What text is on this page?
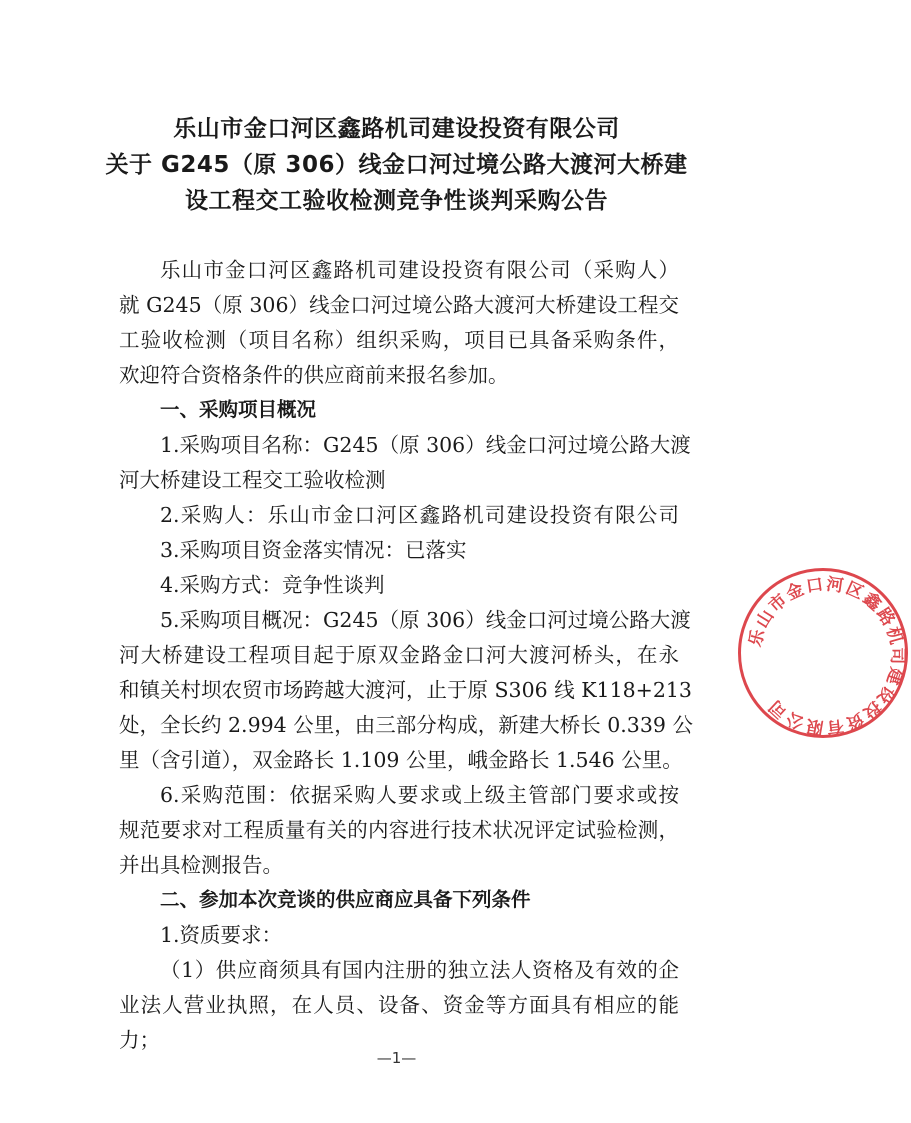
乐山市金口河区鑫路机司建设投资有限公司
关于 G245（原 306）线金口河过境公路大渡河大桥建
设工程交工验收检测竞争性谈判采购公告
乐山市金口河区鑫路机司建设投资有限公司（采购人）
就 G245（原 306）线金口河过境公路大渡河大桥建设工程交
工验收检测（项目名称）组织采购，项目已具备采购条件，
欢迎符合资格条件的供应商前来报名参加。
一、采购项目概况
1.采购项目名称：G245（原 306）线金口河过境公路大渡
河大桥建设工程交工验收检测
2.采购人：乐山市金口河区鑫路机司建设投资有限公司
3.采购项目资金落实情况：已落实
4.采购方式：竞争性谈判
5.采购项目概况：G245（原 306）线金口河过境公路大渡
河大桥建设工程项目起于原双金路金口河大渡河桥头，在永
和镇关村坝农贸市场跨越大渡河，止于原 S306 线 K118+213
处，全长约 2.994 公里，由三部分构成，新建大桥长 0.339 公
里（含引道），双金路长 1.109 公里，峨金路长 1.546 公里。
6.采购范围：依据采购人要求或上级主管部门要求或按
规范要求对工程质量有关的内容进行技术状况评定试验检测，
并出具检测报告。
二、参加本次竞谈的供应商应具备下列条件
1.资质要求：
（1）供应商须具有国内注册的独立法人资格及有效的企
业法人营业执照，在人员、设备、资金等方面具有相应的能
力；
—1—
乐山市金口河区鑫路机司建设投资有限公司
